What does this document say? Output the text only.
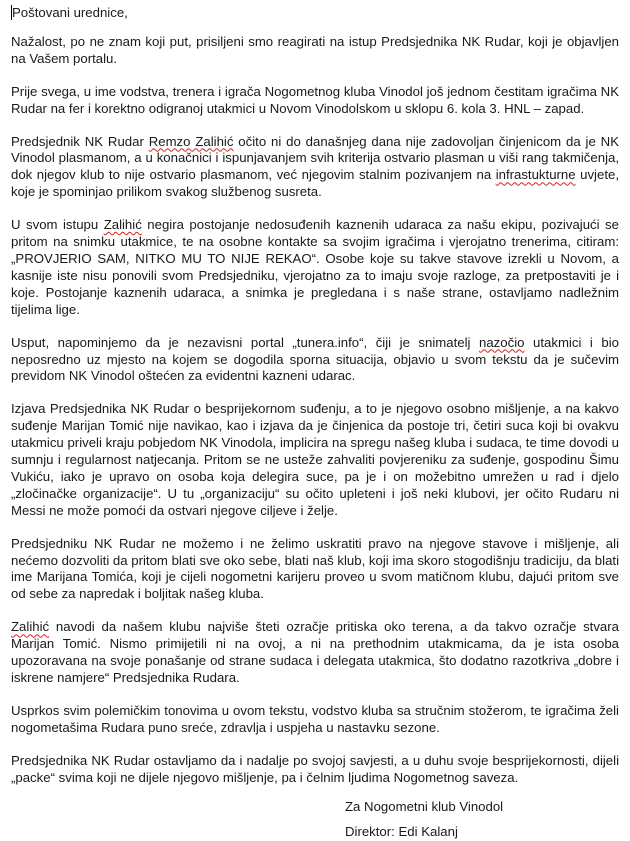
Poštovani urednice,

Nažalost, po ne znam koji put, prisiljeni smo reagirati na istup Predsjednika NK Rudar, koji je objavljen na Vašem portalu.

Prije svega, u ime vodstva, trenera i igrača Nogometnog kluba Vinodol još jednom čestitam igračima NK Rudar na fer i korektno odigranoj utakmici u Novom Vinodolskom u sklopu 6. kola 3. HNL – zapad.

Predsjednik NK Rudar Remzo Zalihić očito ni do današnjeg dana nije zadovoljan činjenicom da je NK Vinodol plasmanom, a u konačnici i ispunjavanjem svih kriterija ostvario plasman u viši rang takmičenja, dok njegov klub to nije ostvario plasmanom, već njegovim stalnim pozivanjem na infrastukturne uvjete, koje je spominjao prilikom svakog službenog susreta.

U svom istupu Zalihić negira postojanje nedosuđenih kaznenih udaraca za našu ekipu, pozivajući se pritom na snimku utakmice, te na osobne kontakte sa svojim igračima i vjerojatno trenerima, citiram: „PROVJERIO SAM, NITKO MU TO NIJE REKAO“. Osobe koje su takve stavove izrekli u Novom, a kasnije iste nisu ponovili svom Predsjedniku, vjerojatno za to imaju svoje razloge, za pretpostaviti je i koje. Postojanje kaznenih udaraca, a snimka je pregledana i s naše strane, ostavljamo nadležnim tijelima lige.

Usput, napominjemo da je nezavisni portal „tunera.info“, čiji je snimatelj nazočio utakmici i bio neposredno uz mjesto na kojem se dogodila sporna situacija, objavio u svom tekstu da je sučevim previdom NK Vinodol oštećen za evidentni kazneni udarac.

Izjava Predsjednika NK Rudar o besprijekornom suđenju, a to je njegovo osobno mišljenje, a na kakvo suđenje Marijan Tomić nije navikao, kao i izjava da je činjenica da postoje tri, četiri suca koji bi ovakvu utakmicu priveli kraju pobjedom NK Vinodola, implicira na spregu našeg kluba i sudaca, te time dovodi u sumnju i regularnost natjecanja. Pritom se ne usteže zahvaliti povjereniku za suđenje, gospodinu Šimu Vukiću, iako je upravo on osoba koja delegira suce, pa je i on možebitno umrežen u rad i djelo „zločinačke organizacije“. U tu „organizaciju“ su očito upleteni i još neki klubovi, jer očito Rudaru ni Messi ne može pomoći da ostvari njegove ciljeve i želje.

Predsjedniku NK Rudar ne možemo i ne želimo uskratiti pravo na njegove stavove i mišljenje, ali nećemo dozvoliti da pritom blati sve oko sebe, blati naš klub, koji ima skoro stogodišnju tradiciju, da blati ime Marijana Tomića, koji je cijeli nogometni karijeru proveo u svom matičnom klubu, dajući pritom sve od sebe za napredak i boljitak našeg kluba.

Zalihić navodi da našem klubu najviše šteti ozračje pritiska oko terena, a da takvo ozračje stvara Marijan Tomić. Nismo primijetili ni na ovoj, a ni na prethodnim utakmicama, da je ista osoba upozoravana na svoje ponašanje od strane sudaca i delegata utakmica, što dodatno razotkriva „dobre i iskrene namjere“ Predsjednika Rudara.

Usprkos svim polemičkim tonovima u ovom tekstu, vodstvo kluba sa stručnim stožerom, te igračima želi nogometašima Rudara puno sreće, zdravlja i uspjeha u nastavku sezone.

Predsjednika NK Rudar ostavljamo da i nadalje po svojoj savjesti, a u duhu svoje besprijekornosti, dijeli „packe“ svima koji ne dijele njegovo mišljenje, pa i čelnim ljudima Nogometnog saveza.

Za Nogometni klub Vinodol
Direktor: Edi Kalanj
